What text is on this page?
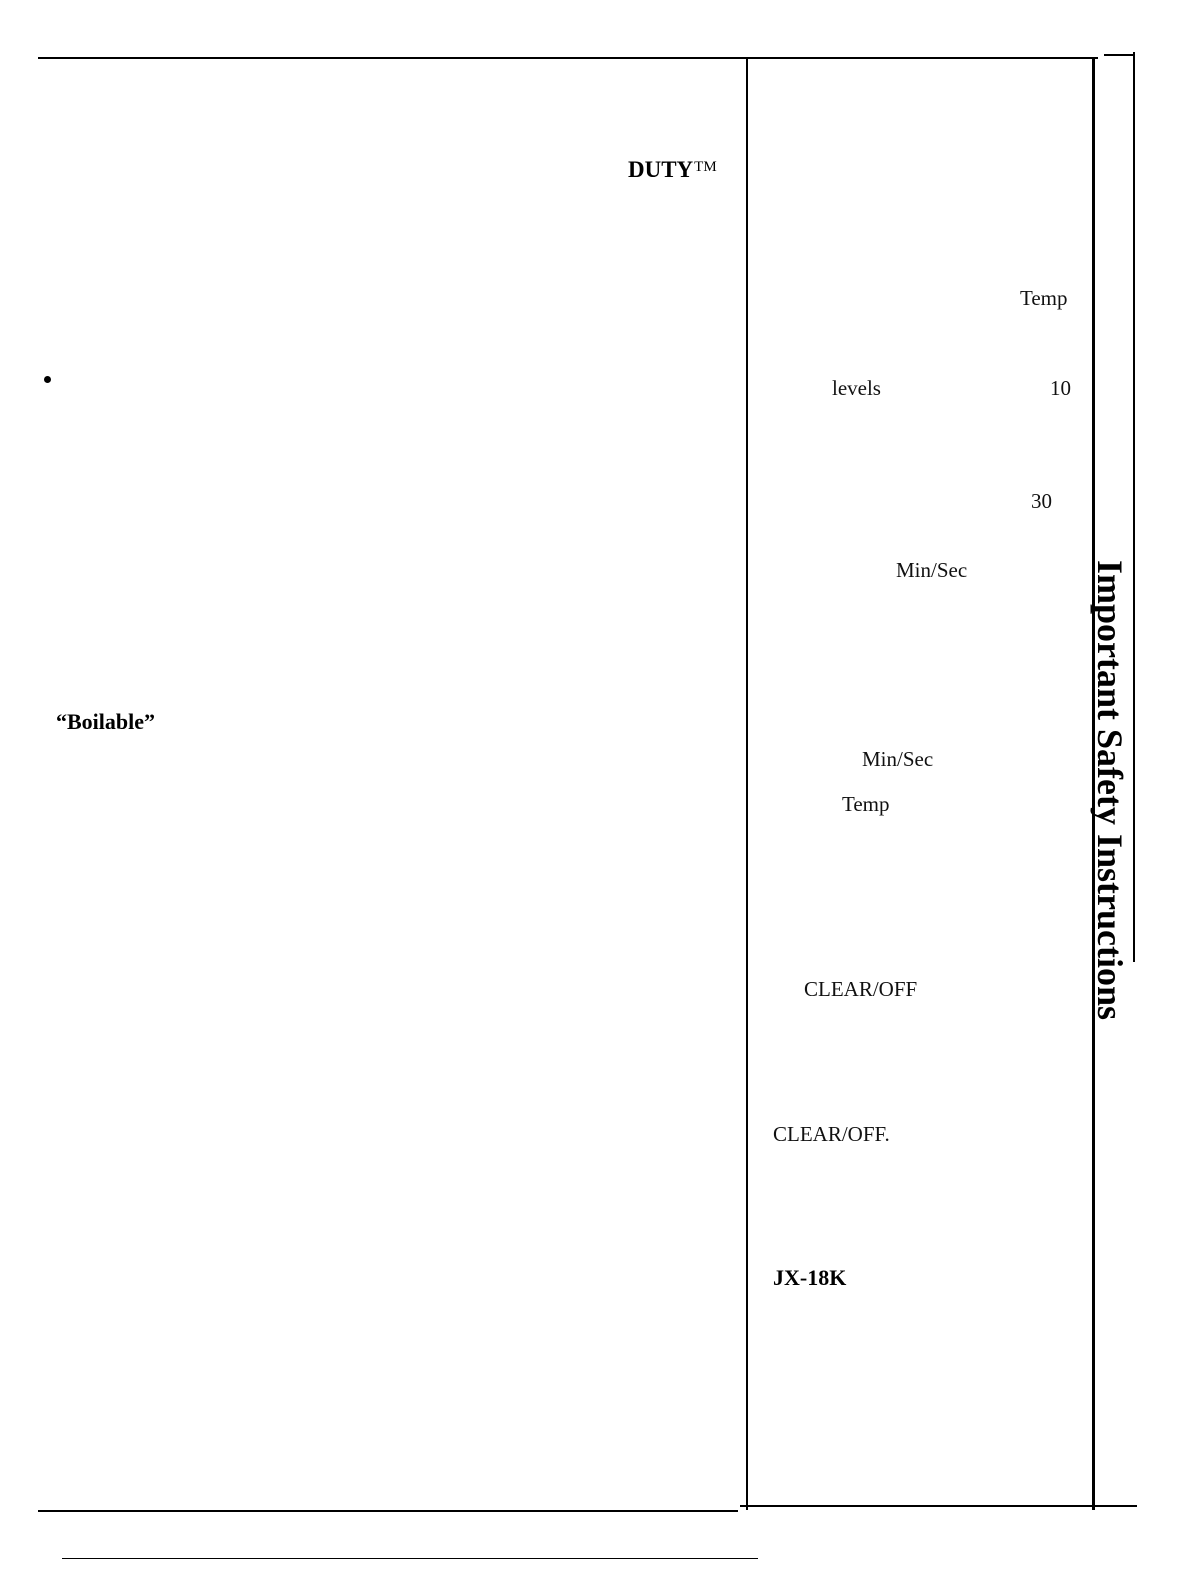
DUTY™
“Boilable”
Temp
levels	10
30
Min/Sec
Min/Sec
Temp
CLEAR/OFF
CLEAR/OFF.
JX-18K
Important Safety Instructions
